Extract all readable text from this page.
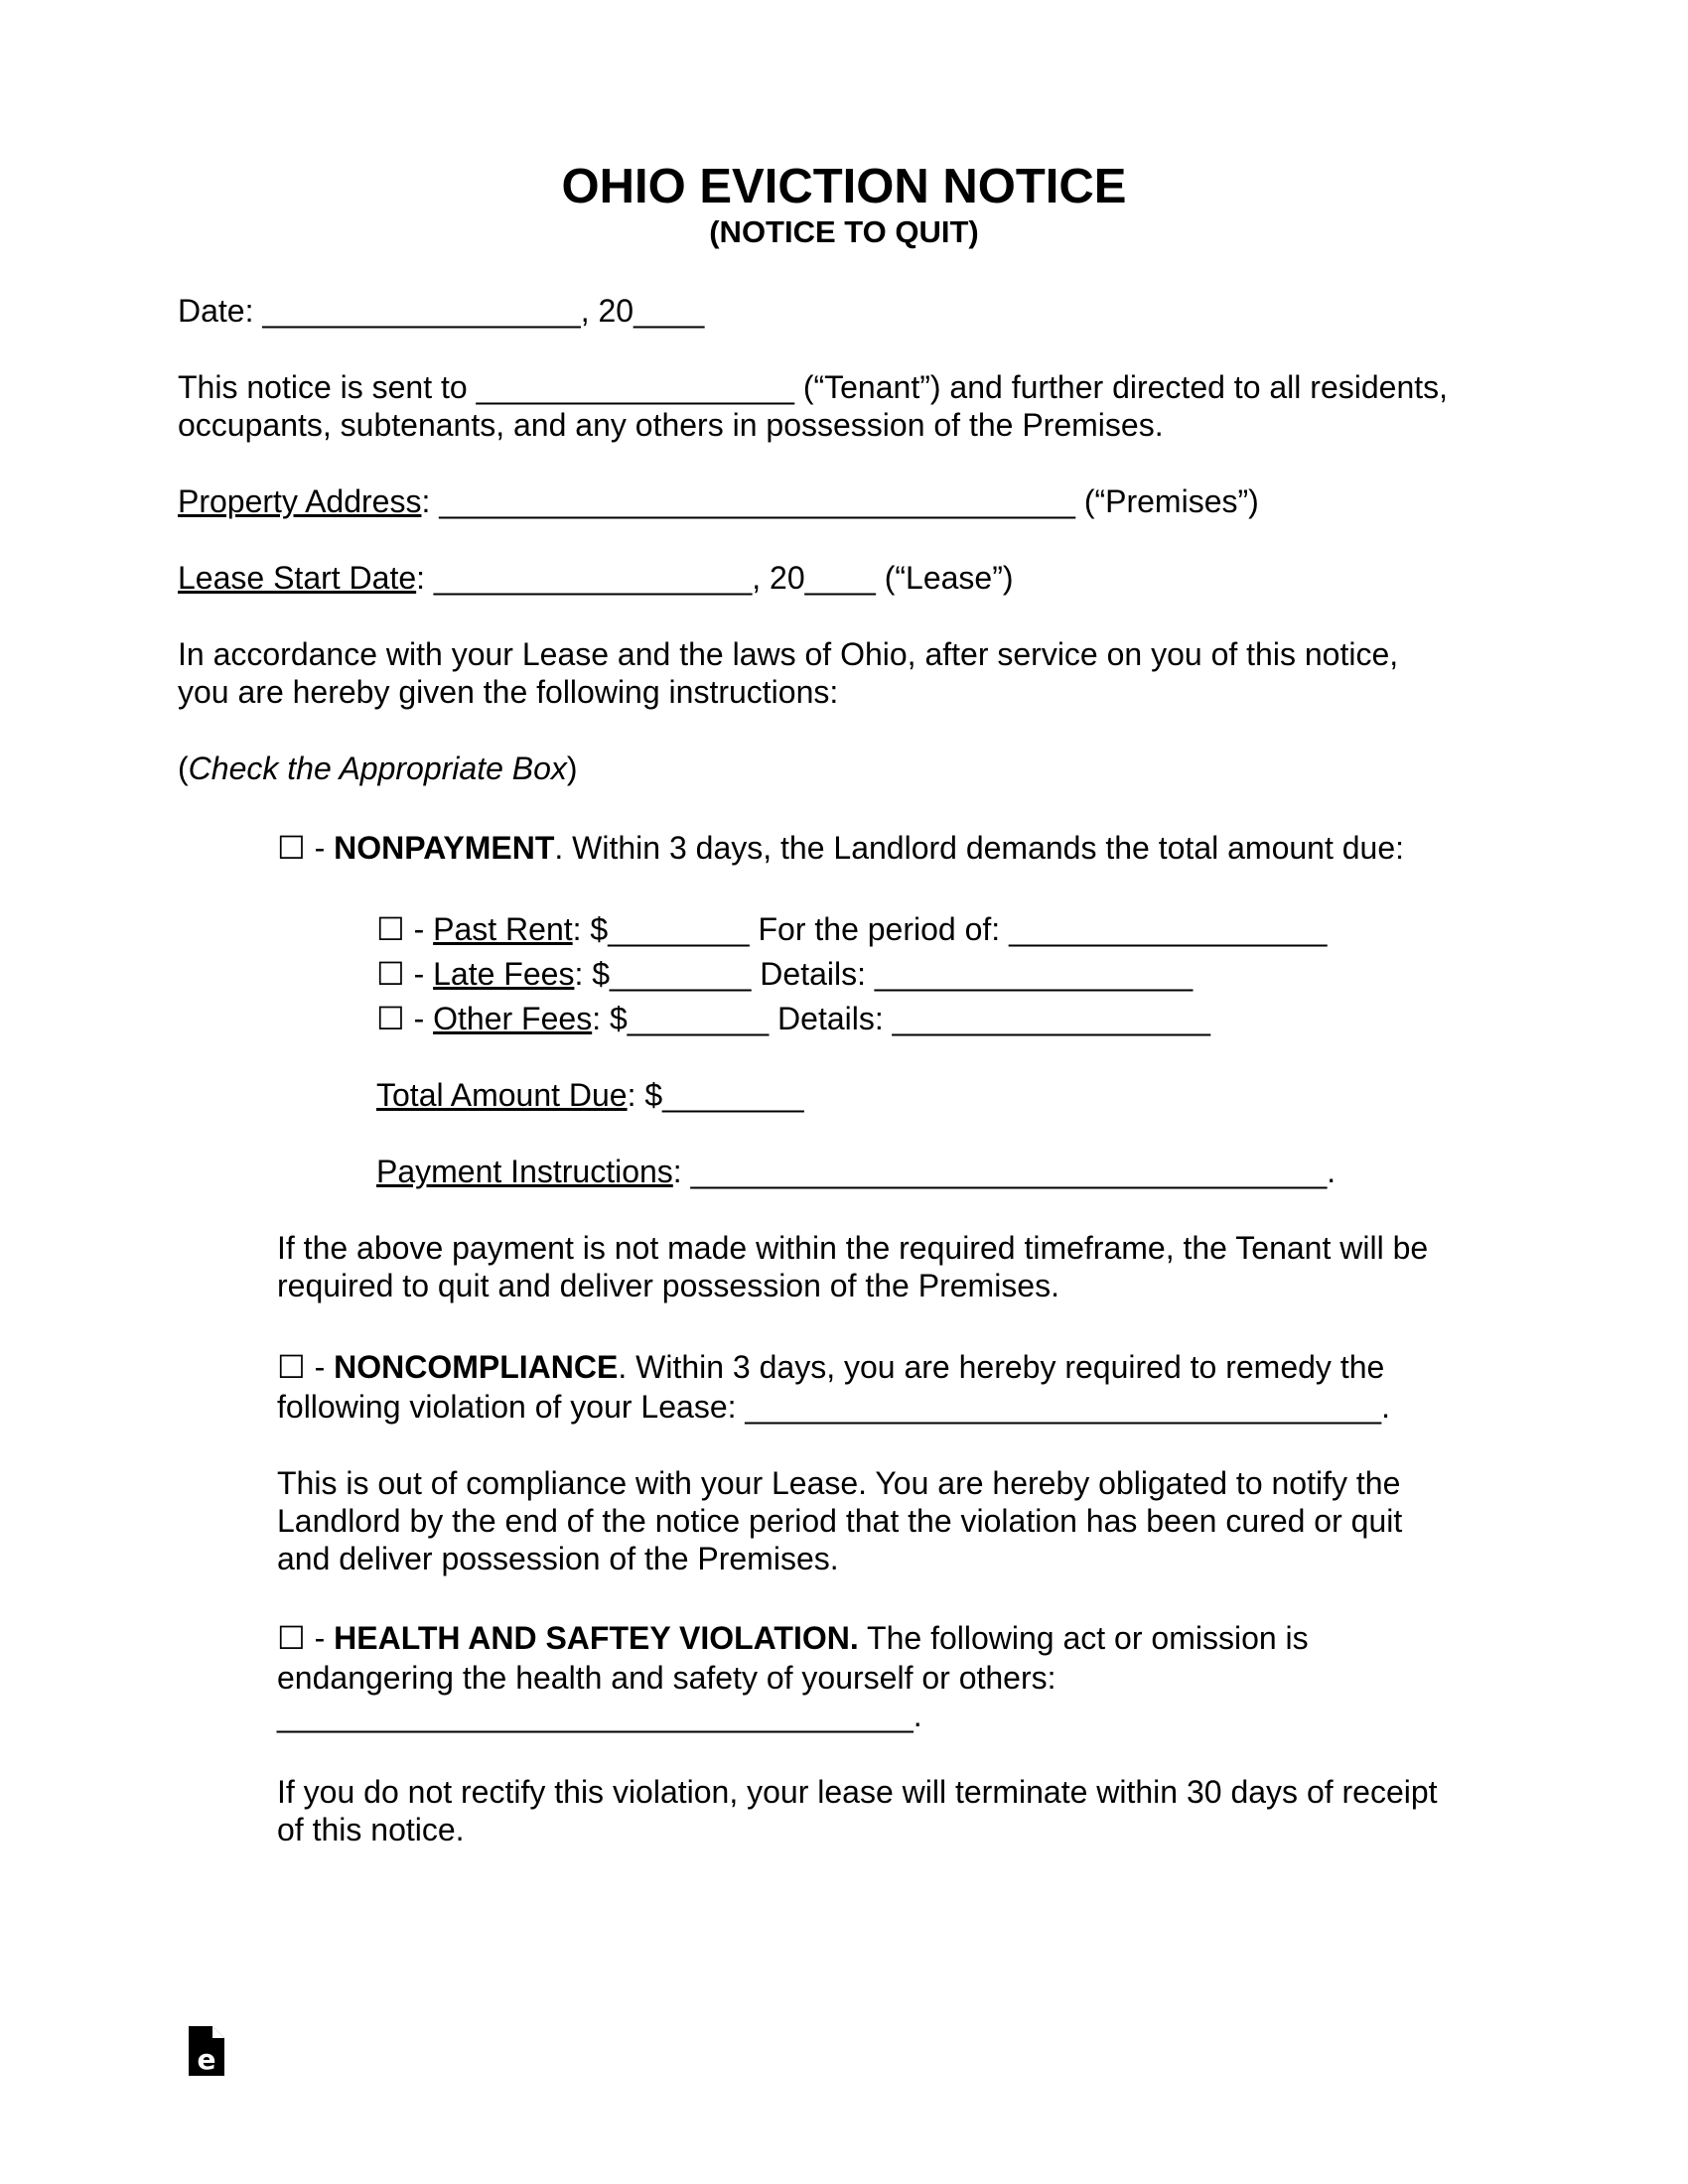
OHIO EVICTION NOTICE
(NOTICE TO QUIT)
Date: __________________, 20____
This notice is sent to __________________ (“Tenant”) and further directed to all residents,
occupants, subtenants, and any others in possession of the Premises.
Property Address: ____________________________________ (“Premises”)
Lease Start Date: __________________, 20____ (“Lease”)
In accordance with your Lease and the laws of Ohio, after service on you of this notice,
you are hereby given the following instructions:
(Check the Appropriate Box)
☐ - NONPAYMENT. Within 3 days, the Landlord demands the total amount due:
☐ - Past Rent: $________ For the period of: __________________
☐ - Late Fees: $________ Details: __________________
☐ - Other Fees: $________ Details: __________________
Total Amount Due: $________
Payment Instructions: ____________________________________.
If the above payment is not made within the required timeframe, the Tenant will be
required to quit and deliver possession of the Premises.
☐ - NONCOMPLIANCE. Within 3 days, you are hereby required to remedy the
following violation of your Lease: ____________________________________.
This is out of compliance with your Lease. You are hereby obligated to notify the
Landlord by the end of the notice period that the violation has been cured or quit
and deliver possession of the Premises.
☐ - HEALTH AND SAFTEY VIOLATION. The following act or omission is
endangering the health and safety of yourself or others:
____________________________________.
If you do not rectify this violation, your lease will terminate within 30 days of receipt
of this notice.
e
